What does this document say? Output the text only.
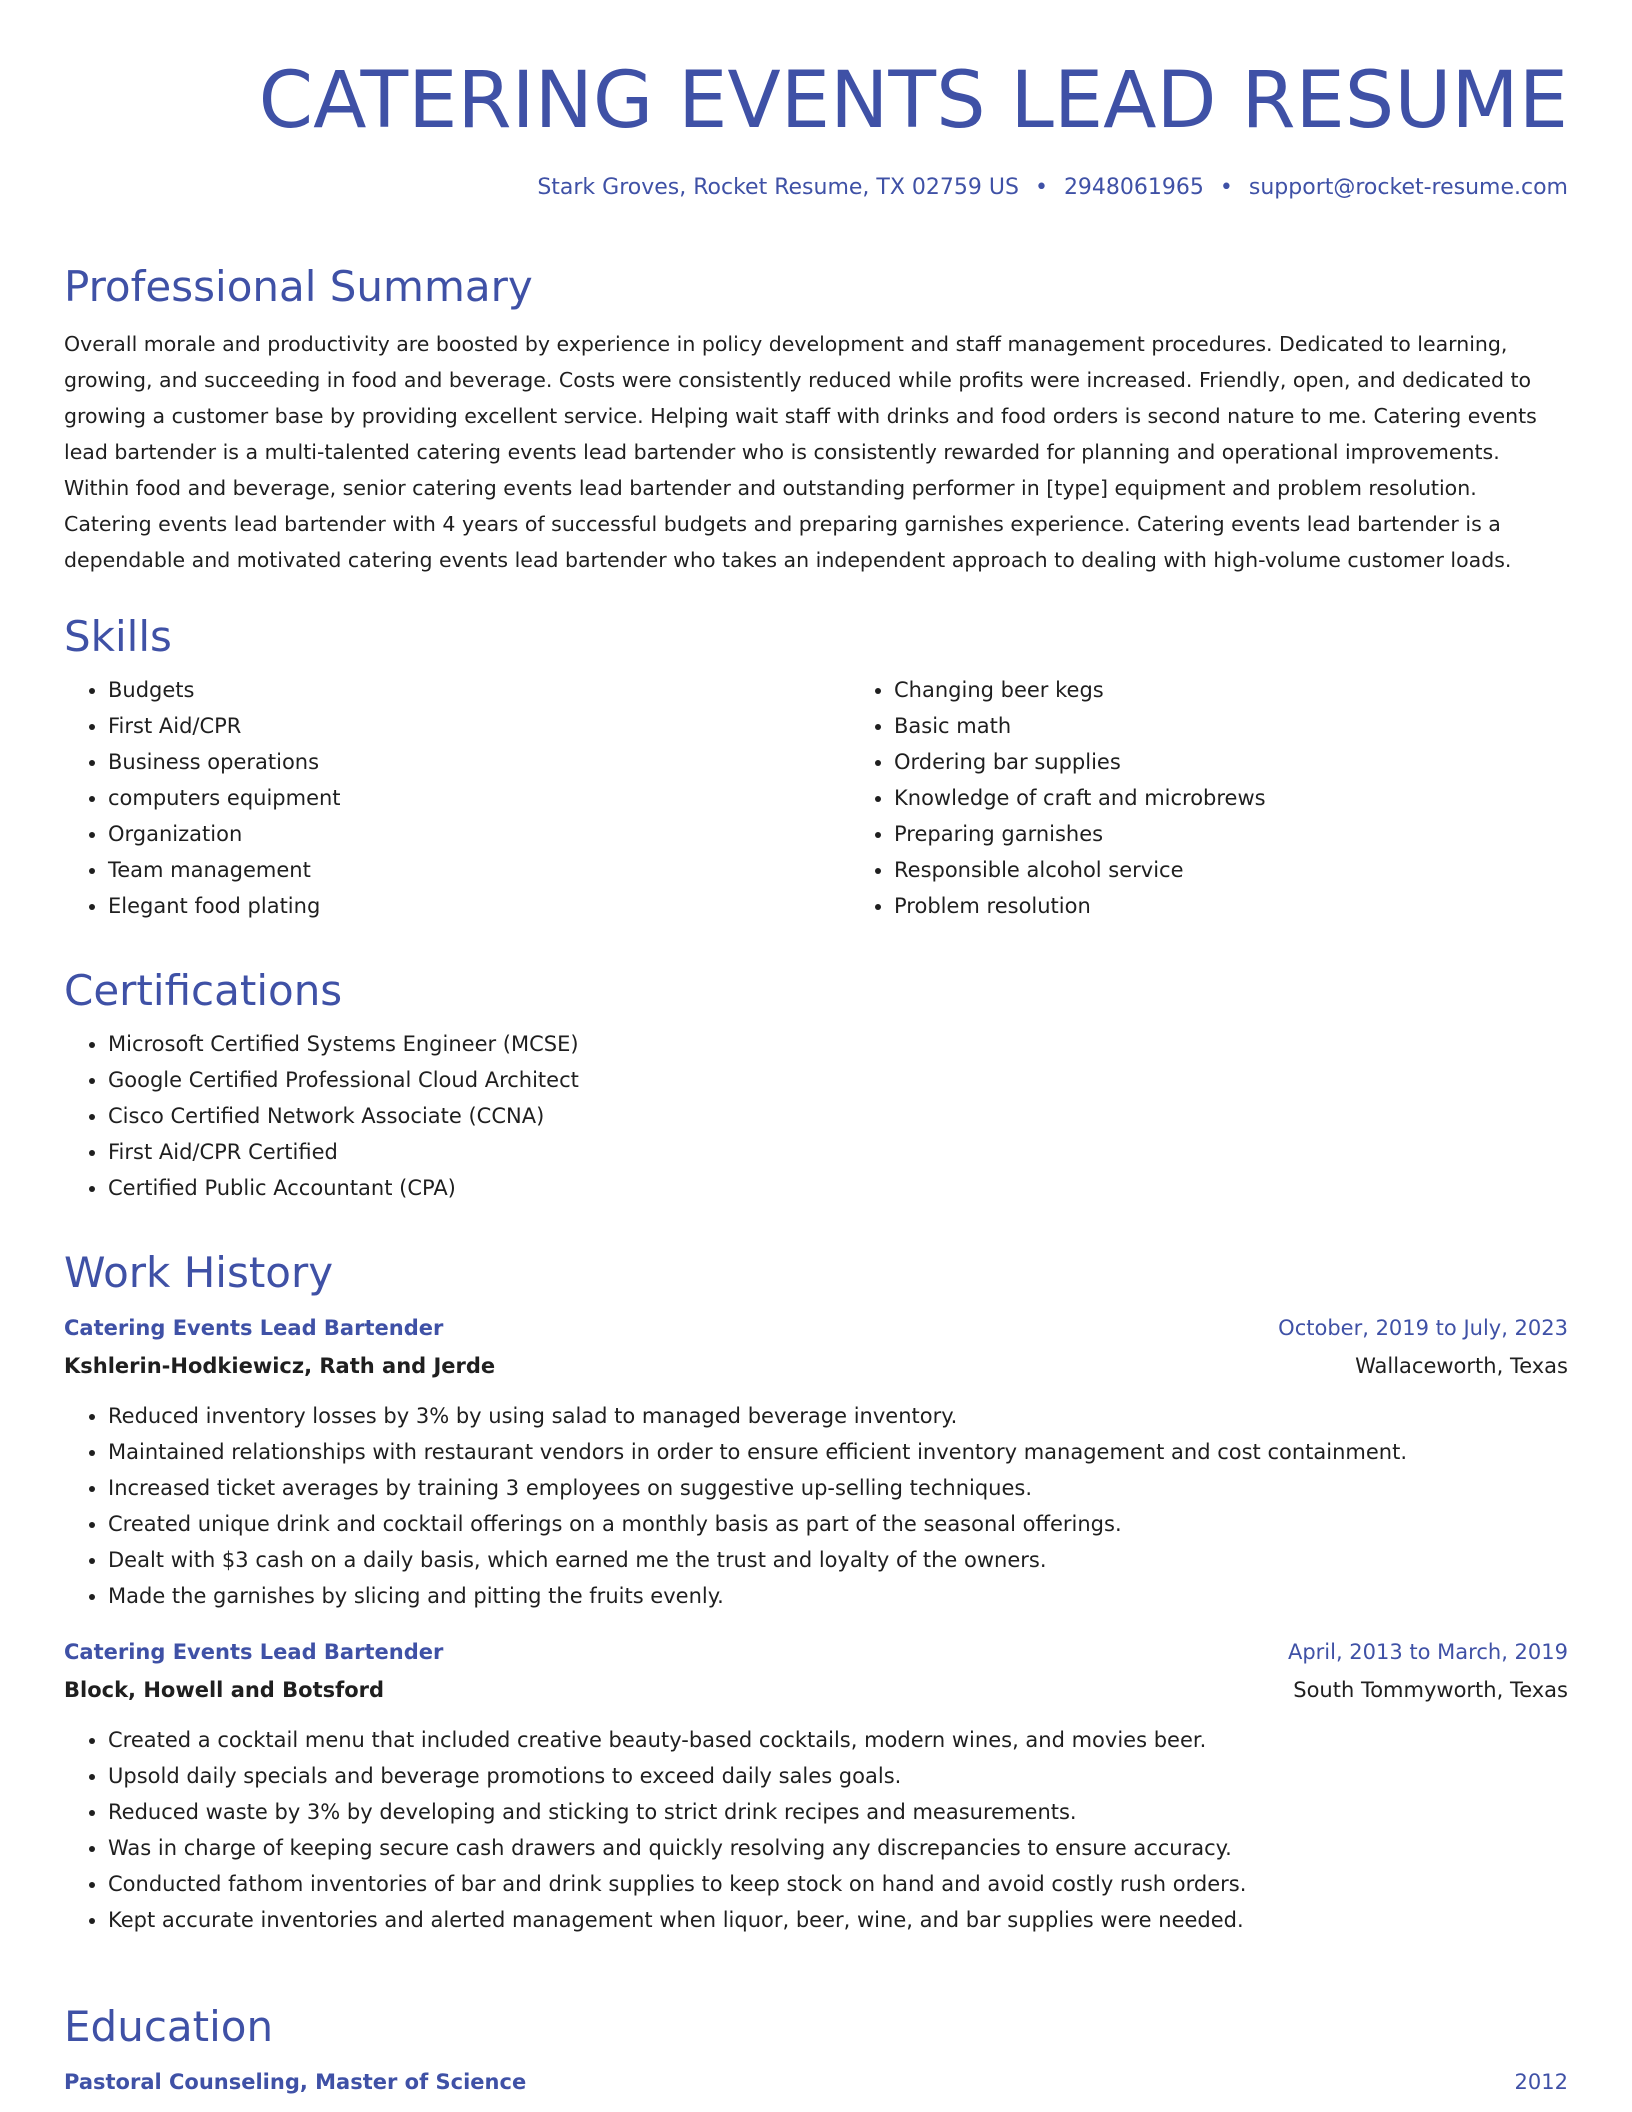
CATERING EVENTS LEAD RESUME
Stark Groves, Rocket Resume, TX 02759 US • 2948061965 • support@rocket-resume.com
Professional Summary

Overall morale and productivity are boosted by experience in policy development and staff management procedures. Dedicated to learning, growing, and succeeding in food and beverage. Costs were consistently reduced while profits were increased. Friendly, open, and dedicated to growing a customer base by providing excellent service. Helping wait staff with drinks and food orders is second nature to me. Catering events lead bartender is a multi-talented catering events lead bartender who is consistently rewarded for planning and operational improvements. Within food and beverage, senior catering events lead bartender and outstanding performer in [type] equipment and problem resolution. Catering events lead bartender with 4 years of successful budgets and preparing garnishes experience. Catering events lead bartender is a dependable and motivated catering events lead bartender who takes an independent approach to dealing with high-volume customer loads.

Skills
• Budgets
• First Aid/CPR
• Business operations
• computers equipment
• Organization
• Team management
• Elegant food plating
• Changing beer kegs
• Basic math
• Ordering bar supplies
• Knowledge of craft and microbrews
• Preparing garnishes
• Responsible alcohol service
• Problem resolution
Certifications
• Microsoft Certified Systems Engineer (MCSE)
• Google Certified Professional Cloud Architect
• Cisco Certified Network Associate (CCNA)
• First Aid/CPR Certified
• Certified Public Accountant (CPA)
Work History
Catering Events Lead Bartender	October, 2019 to July, 2023
Kshlerin-Hodkiewicz, Rath and Jerde	Wallaceworth, Texas
• Reduced inventory losses by 3% by using salad to managed beverage inventory.
• Maintained relationships with restaurant vendors in order to ensure efficient inventory management and cost containment.
• Increased ticket averages by training 3 employees on suggestive up-selling techniques.
• Created unique drink and cocktail offerings on a monthly basis as part of the seasonal offerings.
• Dealt with $3 cash on a daily basis, which earned me the trust and loyalty of the owners.
• Made the garnishes by slicing and pitting the fruits evenly.
Catering Events Lead Bartender	April, 2013 to March, 2019
Block, Howell and Botsford	South Tommyworth, Texas
• Created a cocktail menu that included creative beauty-based cocktails, modern wines, and movies beer.
• Upsold daily specials and beverage promotions to exceed daily sales goals.
• Reduced waste by 3% by developing and sticking to strict drink recipes and measurements.
• Was in charge of keeping secure cash drawers and quickly resolving any discrepancies to ensure accuracy.
• Conducted fathom inventories of bar and drink supplies to keep stock on hand and avoid costly rush orders.
• Kept accurate inventories and alerted management when liquor, beer, wine, and bar supplies were needed.
Education
Pastoral Counseling, Master of Science	2012
